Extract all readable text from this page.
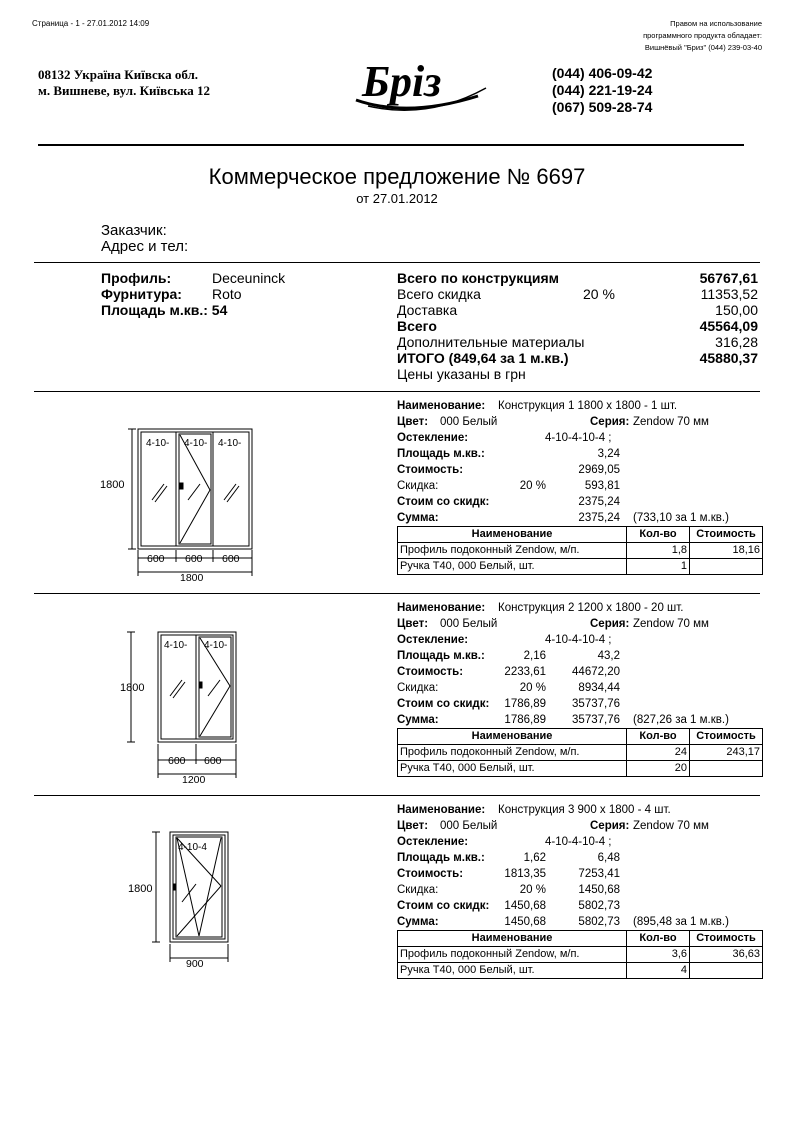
Страница - 1 - 27.01.2012 14:09	Правом на использование
программного продукта обладает:
Вишнёвый "Бриз" (044) 239-03-40
08132 Україна Київска обл.
м. Вишневе, вул. Київська 12	Бріз	(044) 406-09-42
(044) 221-19-24
(067) 509-28-74
Коммерческое предложение № 6697
от 27.01.2012
Заказчик:
Адрес и тел:
Профиль:	Deceuninck
Фурнитура: Roto
Площадь м.кв.: 54
Всего по конструкциям	56767,61
Всего скидка	20 %	11353,52
Доставка	150,00
Всего	45564,09
Дополнительные материалы	316,28
ИТОГО (849,64 за 1 м.кв.)	45880,37
Цены указаны в грн
1800
4-10- 4-10- 4-10-
600 600 600
1800
1800
4-10- 4-10-
600 600
1200
1800
4-10-4
900
Наименование: Конструкция 1 1800 х 1800 - 1 шт.
Цвет: 000 Белый	Серия: Zendow 70 мм
Остекление:	4-10-4-10-4 ;
Площадь м.кв.:	3,24
Стоимость:	2969,05
Скидка:	20 %	593,81
Стоим со скидк:	2375,24
Сумма:	2375,24 (733,10 за 1 м.кв.)
Наименование	Кол-во	Стоимость
Профиль подоконный Zendow, м/п.	1,8	18,16
Ручка Т40, 000 Белый, шт.	1	
Наименование: Конструкция 2 1200 х 1800 - 20 шт.
Цвет: 000 Белый	Серия: Zendow 70 мм
Остекление:	4-10-4-10-4 ;
Площадь м.кв.:	2,16	43,2
Стоимость:	2233,61 44672,20
Скидка:	20 %	8934,44
Стоим со скидк: 1786,89 35737,76
Сумма:	1786,89 35737,76 (827,26 за 1 м.кв.)
Наименование	Кол-во	Стоимость
Профиль подоконный Zendow, м/п.	24	243,17
Ручка Т40, 000 Белый, шт.	20	
Наименование: Конструкция 3 900 х 1800 - 4 шт.
Цвет: 000 Белый	Серия: Zendow 70 мм
Остекление:	4-10-4-10-4 ;
Площадь м.кв.:	1,62	6,48
Стоимость:	1813,35	7253,41
Скидка:	20 %	1450,68
Стоим со скидк: 1450,68	5802,73
Сумма:	1450,68	5802,73 (895,48 за 1 м.кв.)
Наименование	Кол-во	Стоимость
Профиль подоконный Zendow, м/п.	3,6	36,63
Ручка Т40, 000 Белый, шт.	4	
